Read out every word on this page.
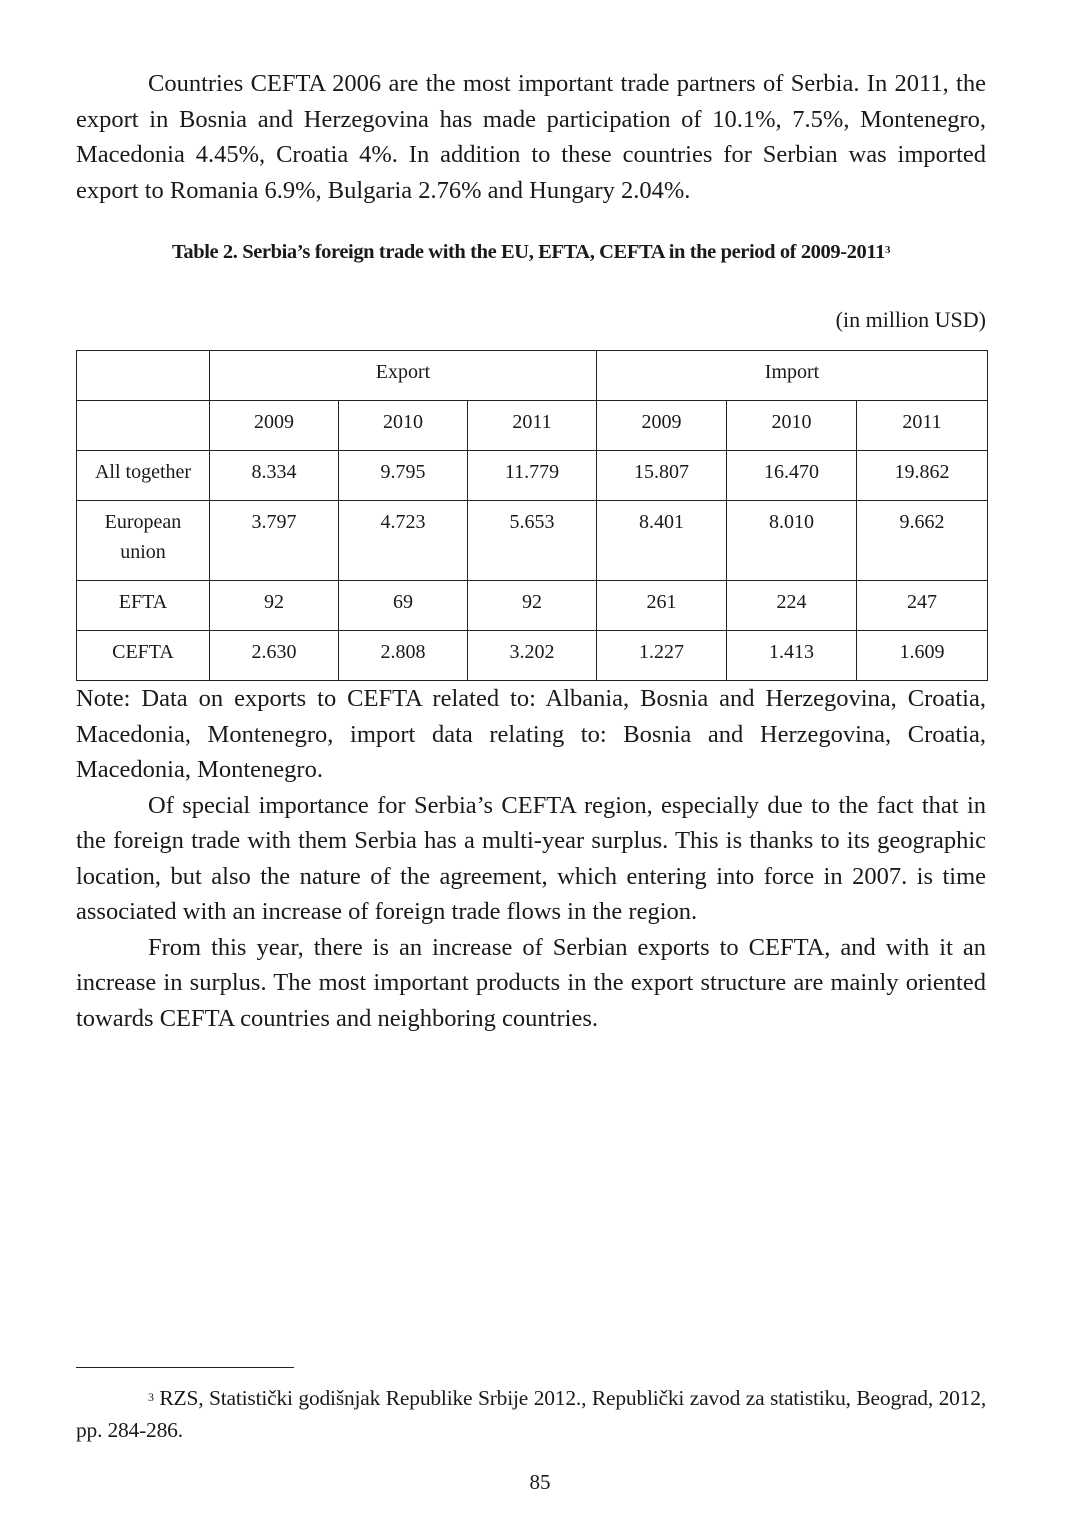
Countries CEFTA 2006 are the most important trade partners of Serbia. In 2011, the export in Bosnia and Herzegovina has made participation of 10.1%, 7.5%, Montenegro, Macedonia 4.45%, Croatia 4%. In addition to these countries for Serbian was imported export to Romania 6.9%, Bulgaria 2.76% and Hungary 2.04%.

Table 2. Serbia’s foreign trade with the EU, EFTA, CEFTA in the period of 2009-2011$^3$
(in million USD)
	Export			Import		
	2009	2010	2011	2009	2010	2011
All together	8.334	9.795	11.779	15.807	16.470	19.862
European union	3.797	4.723	5.653	8.401	8.010	9.662
EFTA	92	69	92	261	224	247
CEFTA	2.630	2.808	3.202	1.227	1.413	1.609

Note: Data on exports to CEFTA related to: Albania, Bosnia and Herzegovina, Croatia, Macedonia, Montenegro, import data relating to: Bosnia and Herzegovina, Croatia, Macedonia, Montenegro.

Of special importance for Serbia’s CEFTA region, especially due to the fact that in the foreign trade with them Serbia has a multi-year surplus. This is thanks to its geographic location, but also the nature of the agreement, which entering into force in 2007. is time associated with an increase of foreign trade flows in the region.

From this year, there is an increase of Serbian exports to CEFTA, and with it an increase in surplus. The most important products in the export structure are mainly oriented towards CEFTA countries and neighboring countries.

$^3$ RZS, Statistički godišnjak Republike Srbije 2012., Republički zavod za statistiku, Beograd, 2012, pp. 284-286.
85
